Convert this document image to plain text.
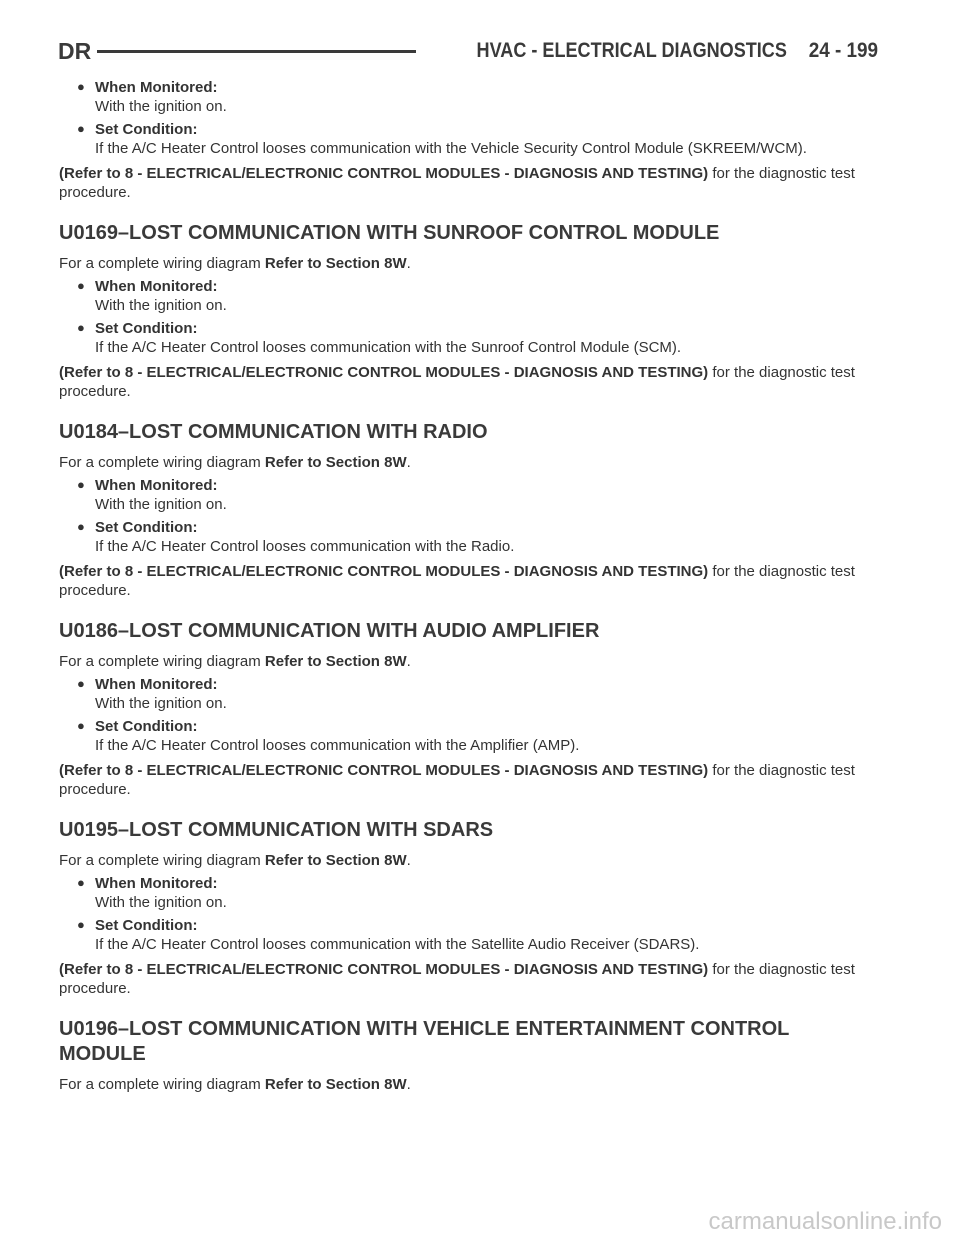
DR	HVAC - ELECTRICAL DIAGNOSTICS 24 - 199
● When Monitored:
With the ignition on.
● Set Condition:
If the A/C Heater Control looses communication with the Vehicle Security Control Module (SKREEM/WCM).

(Refer to 8 - ELECTRICAL/ELECTRONIC CONTROL MODULES - DIAGNOSIS AND TESTING) for the diagnostic test procedure.

U0169–LOST COMMUNICATION WITH SUNROOF CONTROL MODULE
For a complete wiring diagram Refer to Section 8W.
● When Monitored:
With the ignition on.
● Set Condition:
If the A/C Heater Control looses communication with the Sunroof Control Module (SCM).

(Refer to 8 - ELECTRICAL/ELECTRONIC CONTROL MODULES - DIAGNOSIS AND TESTING) for the diagnostic test procedure.

U0184–LOST COMMUNICATION WITH RADIO
For a complete wiring diagram Refer to Section 8W.
● When Monitored:
With the ignition on.
● Set Condition:
If the A/C Heater Control looses communication with the Radio.

(Refer to 8 - ELECTRICAL/ELECTRONIC CONTROL MODULES - DIAGNOSIS AND TESTING) for the diagnostic test procedure.

U0186–LOST COMMUNICATION WITH AUDIO AMPLIFIER
For a complete wiring diagram Refer to Section 8W.
● When Monitored:
With the ignition on.
● Set Condition:
If the A/C Heater Control looses communication with the Amplifier (AMP).

(Refer to 8 - ELECTRICAL/ELECTRONIC CONTROL MODULES - DIAGNOSIS AND TESTING) for the diagnostic test procedure.

U0195–LOST COMMUNICATION WITH SDARS
For a complete wiring diagram Refer to Section 8W.
● When Monitored:
With the ignition on.
● Set Condition:
If the A/C Heater Control looses communication with the Satellite Audio Receiver (SDARS).

(Refer to 8 - ELECTRICAL/ELECTRONIC CONTROL MODULES - DIAGNOSIS AND TESTING) for the diagnostic test procedure.

U0196–LOST COMMUNICATION WITH VEHICLE ENTERTAINMENT CONTROL MODULE
For a complete wiring diagram Refer to Section 8W.
carmanualsonline.info
